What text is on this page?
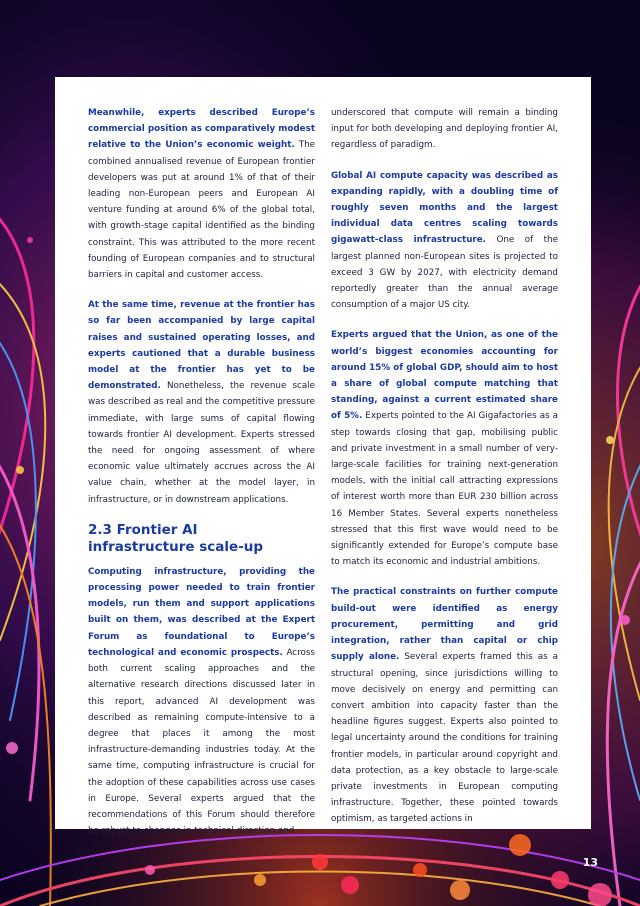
Meanwhile, experts described Europe’s commercial position as comparatively modest relative to the Union’s economic weight. The combined annualised revenue of European frontier developers was put at around 1% of that of their leading non-European peers and European AI venture funding at around 6% of the global total, with growth-stage capital identified as the binding constraint. This was attributed to the more recent founding of European companies and to structural barriers in capital and customer access.

At the same time, revenue at the frontier has so far been accompanied by large capital raises and sustained operating losses, and experts cautioned that a durable business model at the frontier has yet to be demonstrated. Nonetheless, the revenue scale was described as real and the competitive pressure immediate, with large sums of capital flowing towards frontier AI development. Experts stressed the need for ongoing assessment of where economic value ultimately accrues across the AI value chain, whether at the model layer, in infrastructure, or in downstream applications.

2.3 Frontier AI
infrastructure scale-up

Computing infrastructure, providing the processing power needed to train frontier models, run them and support applications built on them, was described at the Expert Forum as foundational to Europe’s technological and economic prospects. Across both current scaling approaches and the alternative research directions discussed later in this report, advanced AI development was described as remaining compute-intensive to a degree that places it among the most infrastructure-demanding industries today. At the same time, computing infrastructure is crucial for the adoption of these capabilities across use cases in Europe. Several experts argued that the recommendations of this Forum should therefore be robust to changes in technical direction and

underscored that compute will remain a binding input for both developing and deploying frontier AI, regardless of paradigm.

Global AI compute capacity was described as expanding rapidly, with a doubling time of roughly seven months and the largest individual data centres scaling towards gigawatt-class infrastructure. One of the largest planned non-European sites is projected to exceed 3 GW by 2027, with electricity demand reportedly greater than the annual average consumption of a major US city.

Experts argued that the Union, as one of the world’s biggest economies accounting for around 15% of global GDP, should aim to host a share of global compute matching that standing, against a current estimated share of 5%. Experts pointed to the AI Gigafactories as a step towards closing that gap, mobilising public and private investment in a small number of very-large-scale facilities for training next-generation models, with the initial call attracting expressions of interest worth more than EUR 230 billion across 16 Member States. Several experts nonetheless stressed that this first wave would need to be significantly extended for Europe’s compute base to match its economic and industrial ambitions.

The practical constraints on further compute build-out were identified as energy procurement, permitting and grid integration, rather than capital or chip supply alone. Several experts framed this as a structural opening, since jurisdictions willing to move decisively on energy and permitting can convert ambition into capacity faster than the headline figures suggest. Experts also pointed to legal uncertainty around the conditions for training frontier models, in particular around copyright and data protection, as a key obstacle to large-scale private investments in European computing infrastructure. Together, these pointed towards optimism, as targeted actions in

13
